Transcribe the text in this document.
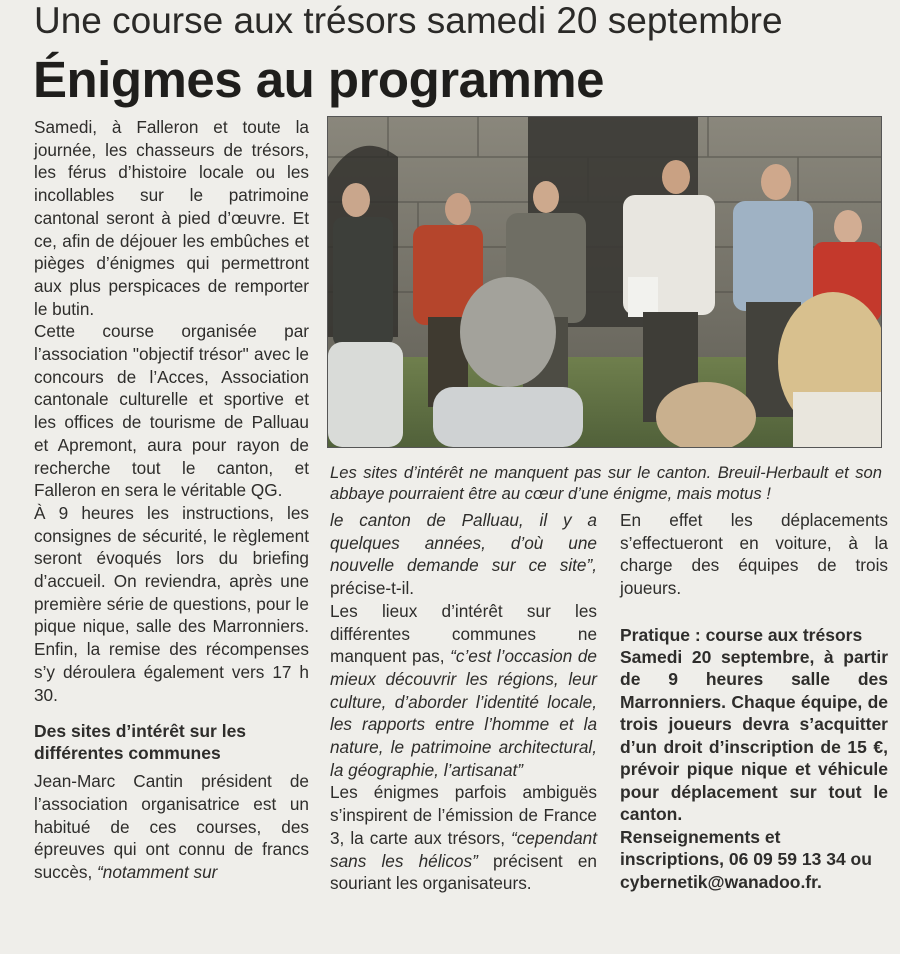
Une course aux trésors samedi 20 septembre
Énigmes au programme

Samedi, à Falleron et toute la journée, les chasseurs de trésors, les férus d’histoire locale ou les incollables sur le patrimoine cantonal seront à pied d’œuvre. Et ce, afin de déjouer les embûches et pièges d’énigmes qui permettront aux plus perspicaces de remporter le butin.

Cette course organisée par l’association "objectif trésor" avec le concours de l’Acces, Association cantonale culturelle et sportive et les offices de tourisme de Palluau et Apremont, aura pour rayon de recherche tout le canton, et Falleron en sera le véritable QG.

À 9 heures les instructions, les consignes de sécurité, le règlement seront évoqués lors du briefing d’accueil. On reviendra, après une première série de questions, pour le pique nique, salle des Marronniers. Enfin, la remise des récompenses s’y déroulera également vers 17 h 30.

Des sites d’intérêt sur les différentes communes

Jean-Marc Cantin président de l’association organisatrice est un habitué de ces courses, des épreuves qui ont connu de francs succès, “notamment sur

Les sites d’intérêt ne manquent pas sur le canton. Breuil-Herbault et son abbaye pourraient être au cœur d’une énigme, mais motus !

le canton de Palluau, il y a quelques années, d’où une nouvelle demande sur ce site”, précise-t-il.

Les lieux d’intérêt sur les différentes communes ne manquent pas, “c’est l’occasion de mieux découvrir les régions, leur culture, d’aborder l’identité locale, les rapports entre l’homme et la nature, le patrimoine architectural, la géographie, l’artisanat”

Les énigmes parfois ambiguës s’inspirent de l’émission de France 3, la carte aux trésors, “cependant sans les hélicos” précisent en souriant les organisateurs.

En effet les déplacements s’effectueront en voiture, à la charge des équipes de trois joueurs.

Pratique : course aux trésors

Samedi 20 septembre, à partir de 9 heures salle des Marronniers. Chaque équipe, de trois joueurs devra s’acquitter d’un droit d’inscription de 15 €, prévoir pique nique et véhicule pour déplacement sur tout le canton.

Renseignements et inscriptions, 06 09 59 13 34 ou cybernetik@wanadoo.fr.
